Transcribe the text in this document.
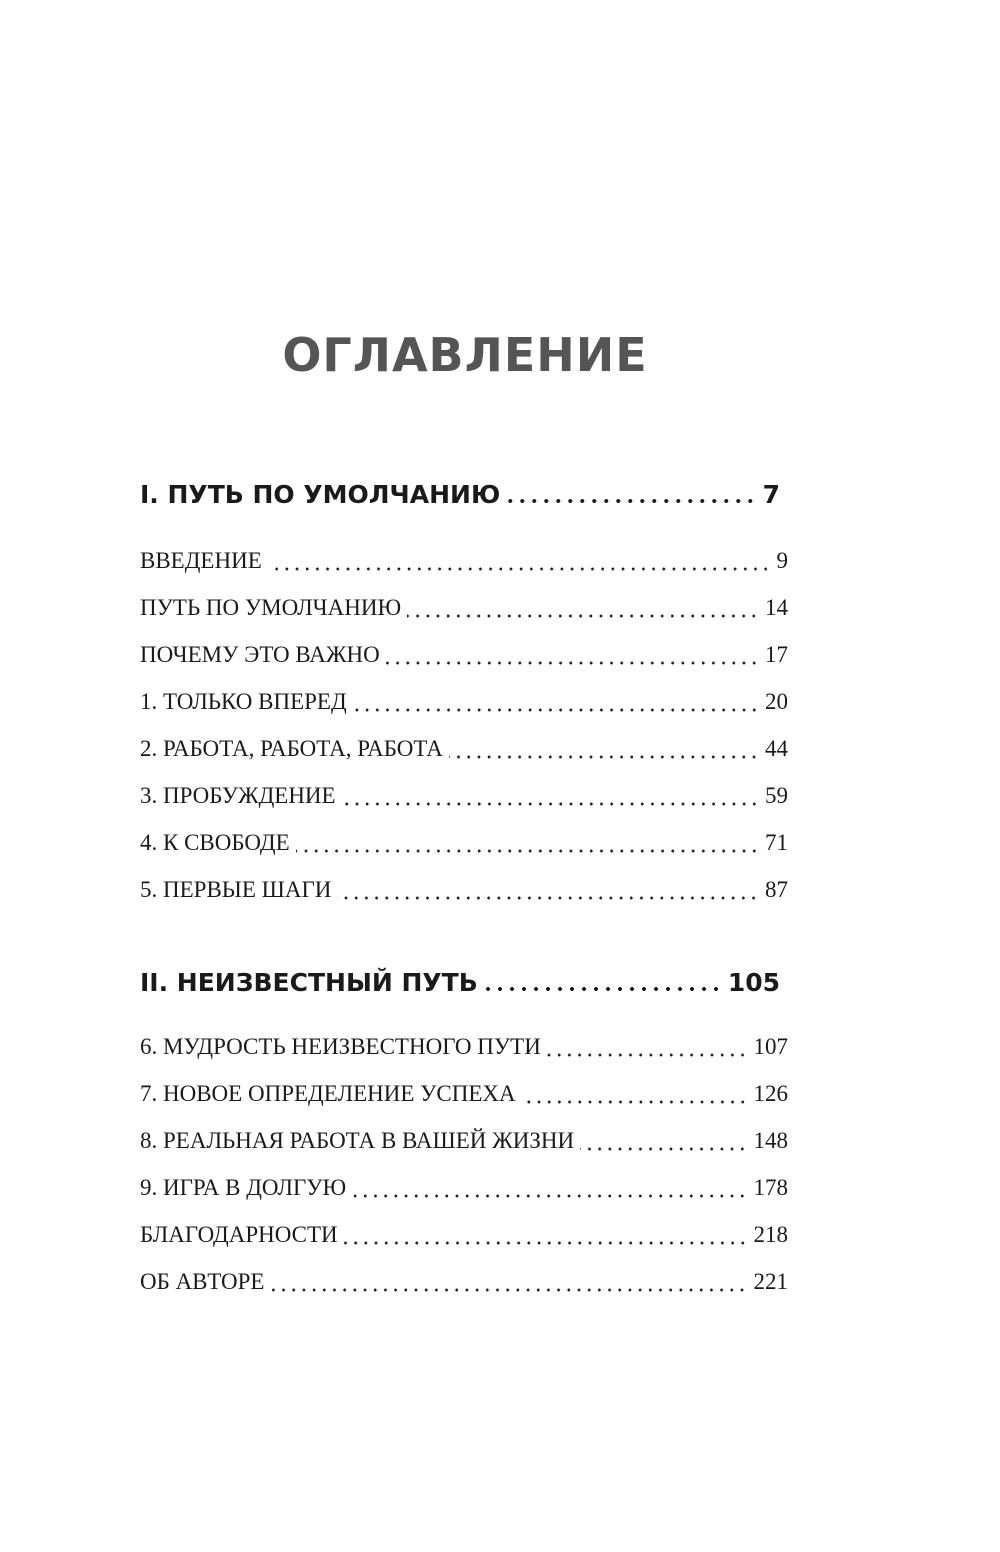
ОГЛАВЛЕНИЕ
I. ПУТЬ ПО УМОЛЧАНИЮ	7
ВВЕДЕНИЕ	9
ПУТЬ ПО УМОЛЧАНИЮ	14
ПОЧЕМУ ЭТО ВАЖНО	17
1. ТОЛЬКО ВПЕРЕД	20
2. РАБОТА, РАБОТА, РАБОТА	44
3. ПРОБУЖДЕНИЕ	59
4. К СВОБОДЕ	71
5. ПЕРВЫЕ ШАГИ	87
II. НЕИЗВЕСТНЫЙ ПУТЬ	105
6. МУДРОСТЬ НЕИЗВЕСТНОГО ПУТИ	107
7. НОВОЕ ОПРЕДЕЛЕНИЕ УСПЕХА	126
8. РЕАЛЬНАЯ РАБОТА В ВАШЕЙ ЖИЗНИ	148
9. ИГРА В ДОЛГУЮ	178
БЛАГОДАРНОСТИ	218
ОБ АВТОРЕ	221
